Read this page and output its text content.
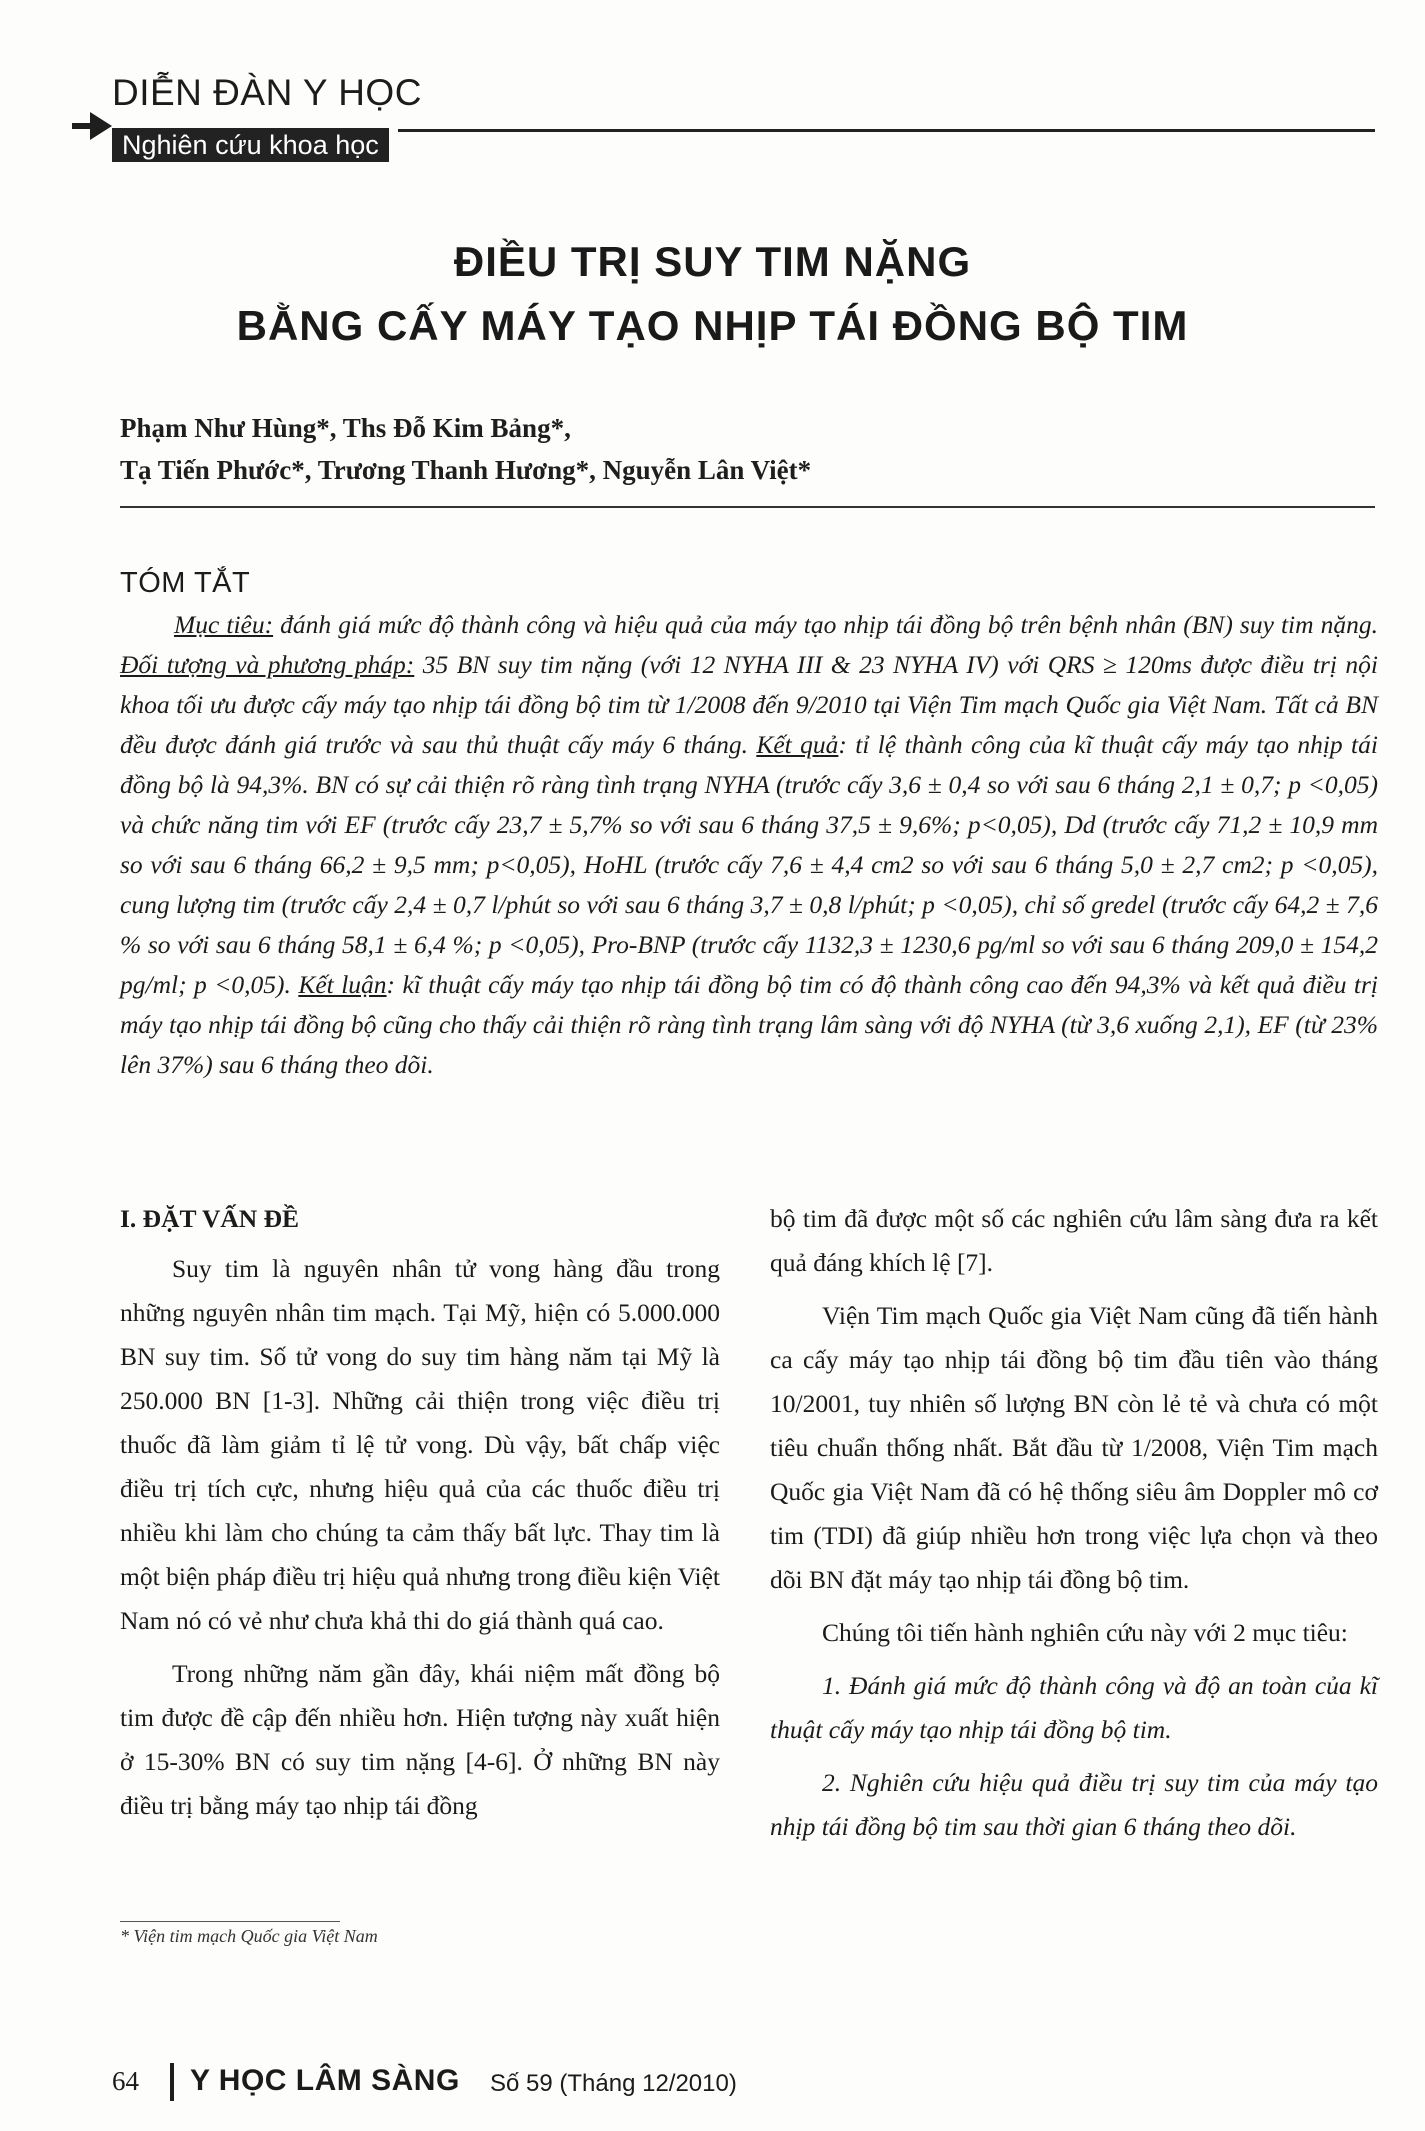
DIỄN ĐÀN Y HỌC
Nghiên cứu khoa học
ĐIỀU TRỊ SUY TIM NẶNG
BẰNG CẤY MÁY TẠO NHỊP TÁI ĐỒNG BỘ TIM
Phạm Như Hùng*, Ths Đỗ Kim Bảng*,
Tạ Tiến Phước*, Trương Thanh Hương*, Nguyễn Lân Việt*
TÓM TẮT
Mục tiêu: đánh giá mức độ thành công và hiệu quả của máy tạo nhịp tái đồng bộ trên bệnh nhân (BN) suy tim nặng. Đối tượng và phương pháp: 35 BN suy tim nặng (với 12 NYHA III & 23 NYHA IV) với QRS ≥ 120ms được điều trị nội khoa tối ưu được cấy máy tạo nhịp tái đồng bộ tim từ 1/2008 đến 9/2010 tại Viện Tim mạch Quốc gia Việt Nam. Tất cả BN đều được đánh giá trước và sau thủ thuật cấy máy 6 tháng. Kết quả: tỉ lệ thành công của kĩ thuật cấy máy tạo nhịp tái đồng bộ là 94,3%. BN có sự cải thiện rõ ràng tình trạng NYHA (trước cấy 3,6 ± 0,4 so với sau 6 tháng 2,1 ± 0,7; p <0,05) và chức năng tim với EF (trước cấy 23,7 ± 5,7% so với sau 6 tháng 37,5 ± 9,6%; p<0,05), Dd (trước cấy 71,2 ± 10,9 mm so với sau 6 tháng 66,2 ± 9,5 mm; p<0,05), HoHL (trước cấy 7,6 ± 4,4 cm2 so với sau 6 tháng 5,0 ± 2,7 cm2; p <0,05), cung lượng tim (trước cấy 2,4 ± 0,7 l/phút so với sau 6 tháng 3,7 ± 0,8 l/phút; p <0,05), chỉ số gredel (trước cấy 64,2 ± 7,6 % so với sau 6 tháng 58,1 ± 6,4 %; p <0,05), Pro-BNP (trước cấy 1132,3 ± 1230,6 pg/ml so với sau 6 tháng 209,0 ± 154,2 pg/ml; p <0,05). Kết luận: kĩ thuật cấy máy tạo nhịp tái đồng bộ tim có độ thành công cao đến 94,3% và kết quả điều trị máy tạo nhịp tái đồng bộ cũng cho thấy cải thiện rõ ràng tình trạng lâm sàng với độ NYHA (từ 3,6 xuống 2,1), EF (từ 23% lên 37%) sau 6 tháng theo dõi.
I. ĐẶT VẤN ĐỀ

Suy tim là nguyên nhân tử vong hàng đầu trong những nguyên nhân tim mạch. Tại Mỹ, hiện có 5.000.000 BN suy tim. Số tử vong do suy tim hàng năm tại Mỹ là 250.000 BN [1-3]. Những cải thiện trong việc điều trị thuốc đã làm giảm tỉ lệ tử vong. Dù vậy, bất chấp việc điều trị tích cực, nhưng hiệu quả của các thuốc điều trị nhiều khi làm cho chúng ta cảm thấy bất lực. Thay tim là một biện pháp điều trị hiệu quả nhưng trong điều kiện Việt Nam nó có vẻ như chưa khả thi do giá thành quá cao.

Trong những năm gần đây, khái niệm mất đồng bộ tim được đề cập đến nhiều hơn. Hiện tượng này xuất hiện ở 15-30% BN có suy tim nặng [4-6]. Ở những BN này điều trị bằng máy tạo nhịp tái đồng

bộ tim đã được một số các nghiên cứu lâm sàng đưa ra kết quả đáng khích lệ [7].

Viện Tim mạch Quốc gia Việt Nam cũng đã tiến hành ca cấy máy tạo nhịp tái đồng bộ tim đầu tiên vào tháng 10/2001, tuy nhiên số lượng BN còn lẻ tẻ và chưa có một tiêu chuẩn thống nhất. Bắt đầu từ 1/2008, Viện Tim mạch Quốc gia Việt Nam đã có hệ thống siêu âm Doppler mô cơ tim (TDI) đã giúp nhiều hơn trong việc lựa chọn và theo dõi BN đặt máy tạo nhịp tái đồng bộ tim.

Chúng tôi tiến hành nghiên cứu này với 2 mục tiêu:

1. Đánh giá mức độ thành công và độ an toàn của kĩ thuật cấy máy tạo nhịp tái đồng bộ tim.

2. Nghiên cứu hiệu quả điều trị suy tim của máy tạo nhịp tái đồng bộ tim sau thời gian 6 tháng theo dõi.

* Viện tim mạch Quốc gia Việt Nam
64 Y HỌC LÂM SÀNG Số 59 (Tháng 12/2010)
